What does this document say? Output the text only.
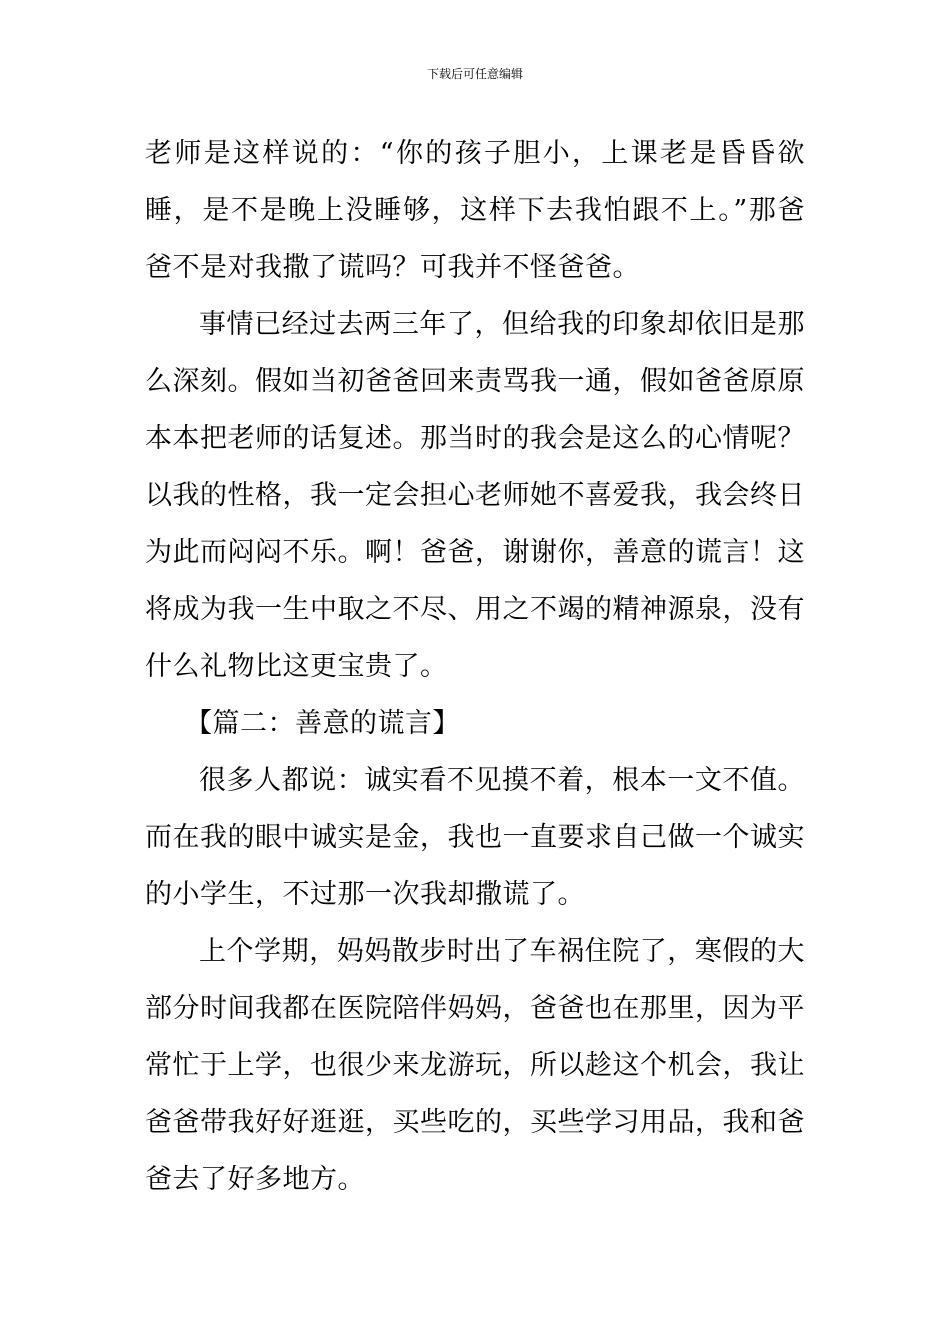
下载后可任意编辑

老师是这样说的：“你的孩子胆小，上课老是昏昏欲睡，是不是晚上没睡够，这样下去我怕跟不上。”那爸爸不是对我撒了谎吗？可我并不怪爸爸。

事情已经过去两三年了，但给我的印象却依旧是那么深刻。假如当初爸爸回来责骂我一通，假如爸爸原原本本把老师的话复述。那当时的我会是这么的心情呢？以我的性格，我一定会担心老师她不喜爱我，我会终日为此而闷闷不乐。啊！爸爸，谢谢你，善意的谎言！这将成为我一生中取之不尽、用之不竭的精神源泉，没有什么礼物比这更宝贵了。

【篇二：善意的谎言】

很多人都说：诚实看不见摸不着，根本一文不值。而在我的眼中诚实是金，我也一直要求自己做一个诚实的小学生，不过那一次我却撒谎了。

上个学期，妈妈散步时出了车祸住院了，寒假的大部分时间我都在医院陪伴妈妈，爸爸也在那里，因为平常忙于上学，也很少来龙游玩，所以趁这个机会，我让爸爸带我好好逛逛，买些吃的，买些学习用品，我和爸爸去了好多地方。
